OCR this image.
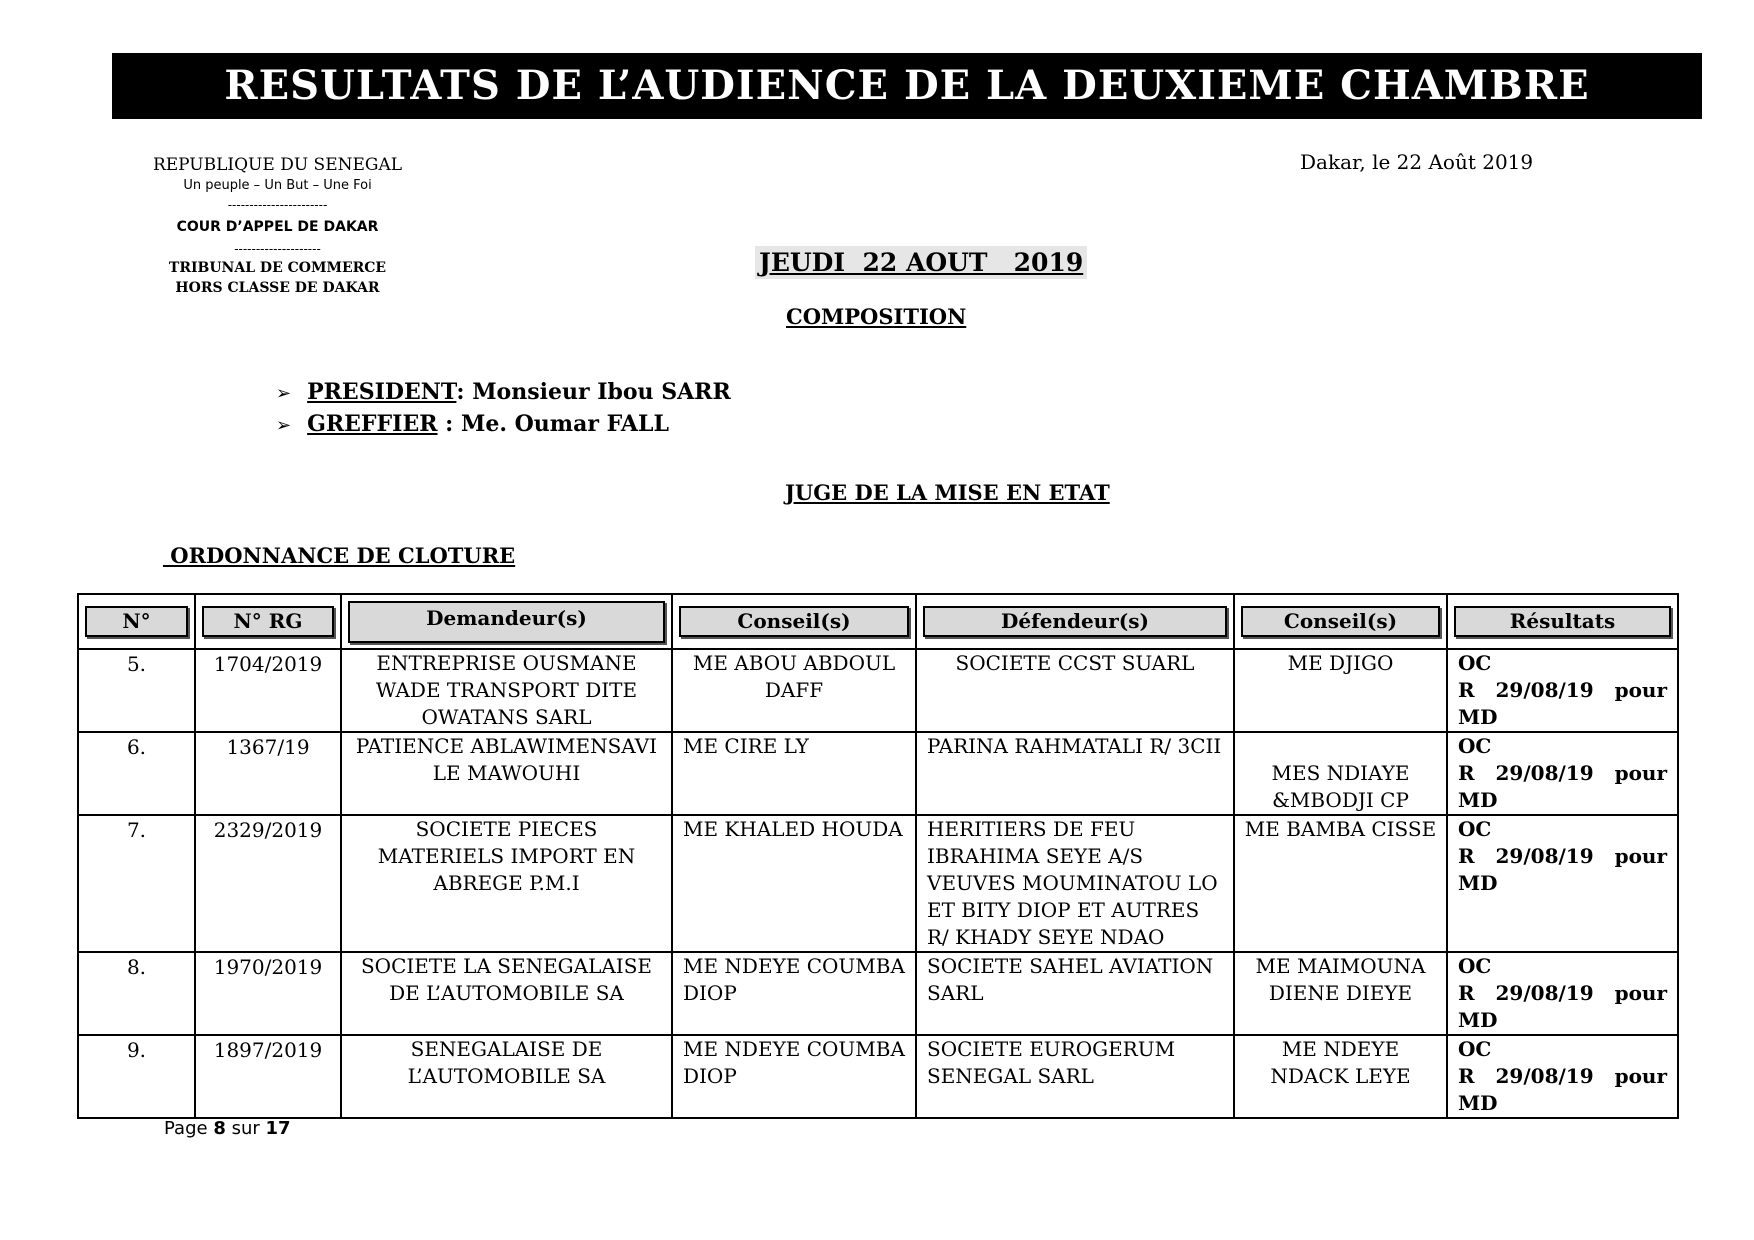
RESULTATS DE L’AUDIENCE DE LA DEUXIEME CHAMBRE
REPUBLIQUE DU SENEGAL
Un peuple – Un But – Une Foi
-----------------------
COUR D’APPEL DE DAKAR
--------------------
TRIBUNAL DE COMMERCE
HORS CLASSE DE DAKAR
Dakar, le 22 Août 2019
JEUDI  22 AOUT   2019
COMPOSITION
➢ PRESIDENT: Monsieur Ibou SARR
➢ GREFFIER : Me. Oumar FALL
JUGE DE LA MISE EN ETAT
ORDONNANCE DE CLOTURE
N°	N° RG	Demandeur(s)	Conseil(s)	Défendeur(s)	Conseil(s)	Résultats

5.	1704/2019	ENTREPRISE OUSMANE WADE TRANSPORT DITE OWATANS SARL	ME ABOU ABDOUL DAFF	SOCIETE CCST SUARL	ME DJIGO	OC
R   29/08/19 pour
MD

6.	1367/19	PATIENCE ABLAWIMENSAVI LE MAWOUHI	ME CIRE LY	PARINA RAHMATALI R/ 3CII	MES NDIAYE &MBODJI CP	OC
R   29/08/19 pour
MD

7.	2329/2019	SOCIETE PIECES MATERIELS IMPORT EN ABREGE P.M.I	ME KHALED HOUDA	HERITIERS DE FEU IBRAHIMA SEYE A/S VEUVES MOUMINATOU LO ET BITY DIOP ET AUTRES R/ KHADY SEYE NDAO	ME BAMBA CISSE	OC
R   29/08/19 pour
MD

8.	1970/2019	SOCIETE LA SENEGALAISE DE L’AUTOMOBILE SA	ME NDEYE COUMBA DIOP	SOCIETE SAHEL AVIATION SARL	ME MAIMOUNA DIENE DIEYE	OC
R   29/08/19 pour
MD

9.	1897/2019	SENEGALAISE DE L’AUTOMOBILE SA	ME NDEYE COUMBA DIOP	SOCIETE EUROGERUM SENEGAL SARL	ME NDEYE NDACK LEYE	OC
R   29/08/19 pour
MD
Page 8 sur 17
